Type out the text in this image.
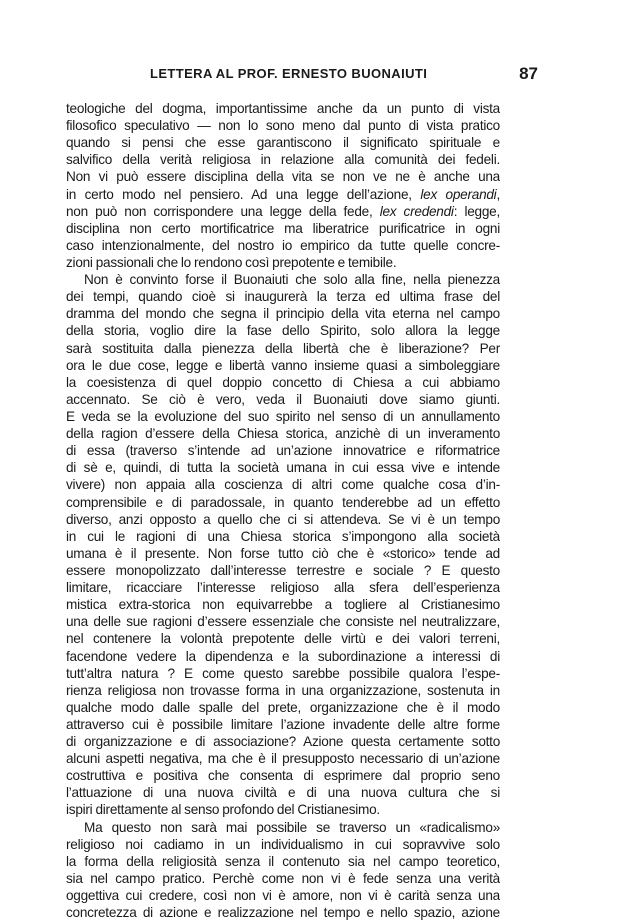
LETTERA AL PROF. ERNESTO BUONAIUTI	87
teologiche del dogma, importantissime anche da un punto di vista
filosofico speculativo — non lo sono meno dal punto di vista pratico
quando si pensi che esse garantiscono il significato spirituale e
salvifico della verità religiosa in relazione alla comunità dei fedeli.
Non vi può essere disciplina della vita se non ve ne è anche una
in certo modo nel pensiero. Ad una legge dell’azione, lex operandi,
non può non corrispondere una legge della fede, lex credendi: legge,
disciplina non certo mortificatrice ma liberatrice purificatrice in ogni
caso intenzionalmente, del nostro io empirico da tutte quelle concre-
zioni passionali che lo rendono così prepotente e temibile.
Non è convinto forse il Buonaiuti che solo alla fine, nella pienezza
dei tempi, quando cioè si inaugurerà la terza ed ultima frase del
dramma del mondo che segna il principio della vita eterna nel campo
della storia, voglio dire la fase dello Spirito, solo allora la legge
sarà sostituita dalla pienezza della libertà che è liberazione? Per
ora le due cose, legge e libertà vanno insieme quasi a simboleggiare
la coesistenza di quel doppio concetto di Chiesa a cui abbiamo
accennato. Se ciò è vero, veda il Buonaiuti dove siamo giunti.
E veda se la evoluzione del suo spirito nel senso di un annullamento
della ragion d’essere della Chiesa storica, anzichè di un inveramento
di essa (traverso s’intende ad un’azione innovatrice e riformatrice
di sè e, quindi, di tutta la società umana in cui essa vive e intende
vivere) non appaia alla coscienza di altri come qualche cosa d’in-
comprensibile e di paradossale, in quanto tenderebbe ad un effetto
diverso, anzi opposto a quello che ci si attendeva. Se vi è un tempo
in cui le ragioni di una Chiesa storica s’impongono alla società
umana è il presente. Non forse tutto ciò che è «storico» tende ad
essere monopolizzato dall’interesse terrestre e sociale ? E questo
limitare, ricacciare l’interesse religioso alla sfera dell’esperienza
mistica extra-storica non equivarrebbe a togliere al Cristianesimo
una delle sue ragioni d’essere essenziale che consiste nel neutralizzare,
nel contenere la volontà prepotente delle virtù e dei valori terreni,
facendone vedere la dipendenza e la subordinazione a interessi di
tutt’altra natura ? E come questo sarebbe possibile qualora l’espe-
rienza religiosa non trovasse forma in una organizzazione, sostenuta in
qualche modo dalle spalle del prete, organizzazione che è il modo
attraverso cui è possibile limitare l’azione invadente delle altre forme
di organizzazione e di associazione? Azione questa certamente sotto
alcuni aspetti negativa, ma che è il presupposto necessario di un’azione
costruttiva e positiva che consenta di esprimere dal proprio seno
l’attuazione di una nuova civiltà e di una nuova cultura che si
ispiri direttamente al senso profondo del Cristianesimo.
Ma questo non sarà mai possibile se traverso un «radicalismo»
religioso noi cadiamo in un individualismo in cui sopravvive solo
la forma della religiosità senza il contenuto sia nel campo teoretico,
sia nel campo pratico. Perchè come non vi è fede senza una verità
oggettiva cui credere, così non vi è amore, non vi è carità senza una
concretezza di azione e realizzazione nel tempo e nello spazio, azione
